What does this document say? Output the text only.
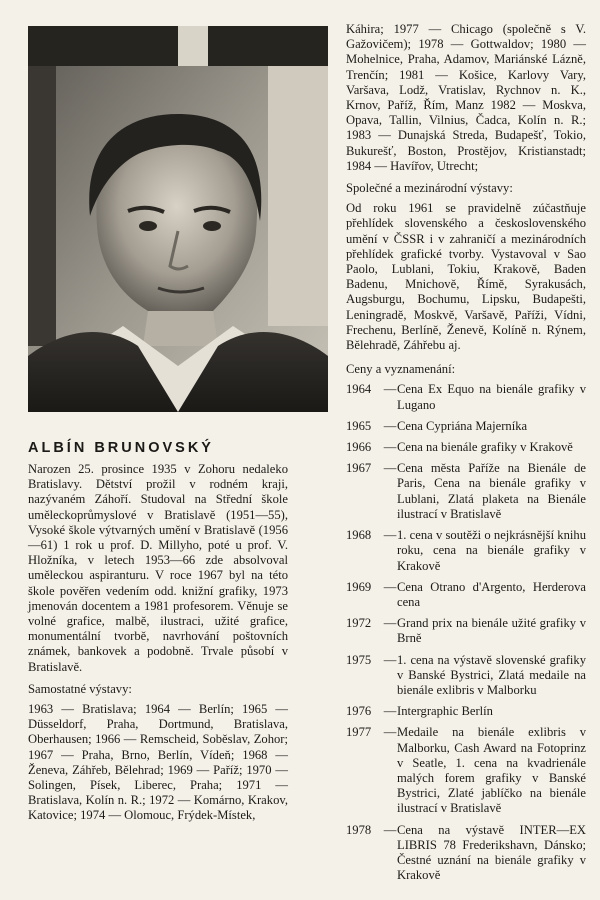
ALBÍN BRUNOVSKÝ

Narozen 25. prosince 1935 v Zohoru nedaleko Bratislavy. Dětství prožil v rodném kraji, nazývaném Záhoří. Studoval na Střední škole uměleckoprůmyslové v Bratislavě (1951—55), Vysoké škole výtvarných umění v Bratislavě (1956—61) 1 rok u prof. D. Millyho, poté u prof. V. Hložníka, v letech 1953—66 zde absolvoval uměleckou aspiranturu. V roce 1967 byl na této škole pověřen vedením odd. knižní grafiky, 1973 jmenován docentem a 1981 profesorem. Věnuje se volné grafice, malbě, ilustraci, užité grafice, monumentální tvorbě, navrhování poštovních známek, bankovek a podobně. Trvale působí v Bratislavě.

Samostatné výstavy:

1963 — Bratislava; 1964 — Berlín; 1965 — Düsseldorf, Praha, Dortmund, Bratislava, Oberhausen; 1966 — Remscheid, Soběslav, Zohor; 1967 — Praha, Brno, Berlín, Vídeň; 1968 — Ženeva, Záhřeb, Bělehrad; 1969 — Paříž; 1970 — Solingen, Písek, Liberec, Praha; 1971 — Bratislava, Kolín n. R.; 1972 — Komárno, Krakov, Katovice; 1974 — Olomouc, Frýdek-Místek,

Káhira; 1977 — Chicago (společně s V. Gažovičem); 1978 — Gottwaldov; 1980 — Mohelnice, Praha, Adamov, Mariánské Lázně, Trenčín; 1981 — Košice, Karlovy Vary, Varšava, Lodž, Vratislav, Rychnov n. K., Krnov, Paříž, Řím, Manz 1982 — Moskva, Opava, Tallin, Vilnius, Čadca, Kolín n. R.; 1983 — Dunajská Streda, Budapešť, Tokio, Bukurešť, Boston, Prostějov, Kristianstadt; 1984 — Havířov, Utrecht;

Společné a mezinárodní výstavy:

Od roku 1961 se pravidelně zúčastňuje přehlídek slovenského a československého umění v ČSSR i v zahraničí a mezinárodních přehlídek grafické tvorby. Vystavoval v Sao Paolo, Lublani, Tokiu, Krakově, Baden Badenu, Mnichově, Římě, Syrakusách, Augsburgu, Bochumu, Lipsku, Budapešti, Leningradě, Moskvě, Varšavě, Paříži, Vídni, Frechenu, Berlíně, Ženevě, Kolíně n. Rýnem, Bělehradě, Záhřebu aj.

Ceny a vyznamenání:
1964 — Cena Ex Equo na bienále grafiky v Lugano
1965 — Cena Cypriána Majerníka
1966 — Cena na bienále grafiky v Krakově
1967 — Cena města Paříže na Bienále de Paris, Cena na bienále grafiky v Lublani, Zlatá plaketa na Bienále ilustrací v Bratislavě
1968 — 1. cena v soutěži o nejkrásnější knihu roku, cena na bienále grafiky v Krakově
1969 — Cena Otrano d'Argento, Herderova cena
1972 — Grand prix na bienále užité grafiky v Brně
1975 — 1. cena na výstavě slovenské grafiky v Banské Bystrici, Zlatá medaile na bienále exlibris v Malborku
1976 — Intergraphic Berlín
1977 — Medaile na bienále exlibris v Malborku, Cash Award na Fotoprinz v Seatle, 1. cena na kvadrienále malých forem grafiky v Banské Bystrici, Zlaté jablíčko na bienále ilustrací v Bratislavě
1978 — Cena na výstavě INTER—EX LIBRIS 78 Frederikshavn, Dánsko; Čestné uznání na bienále grafiky v Krakově
